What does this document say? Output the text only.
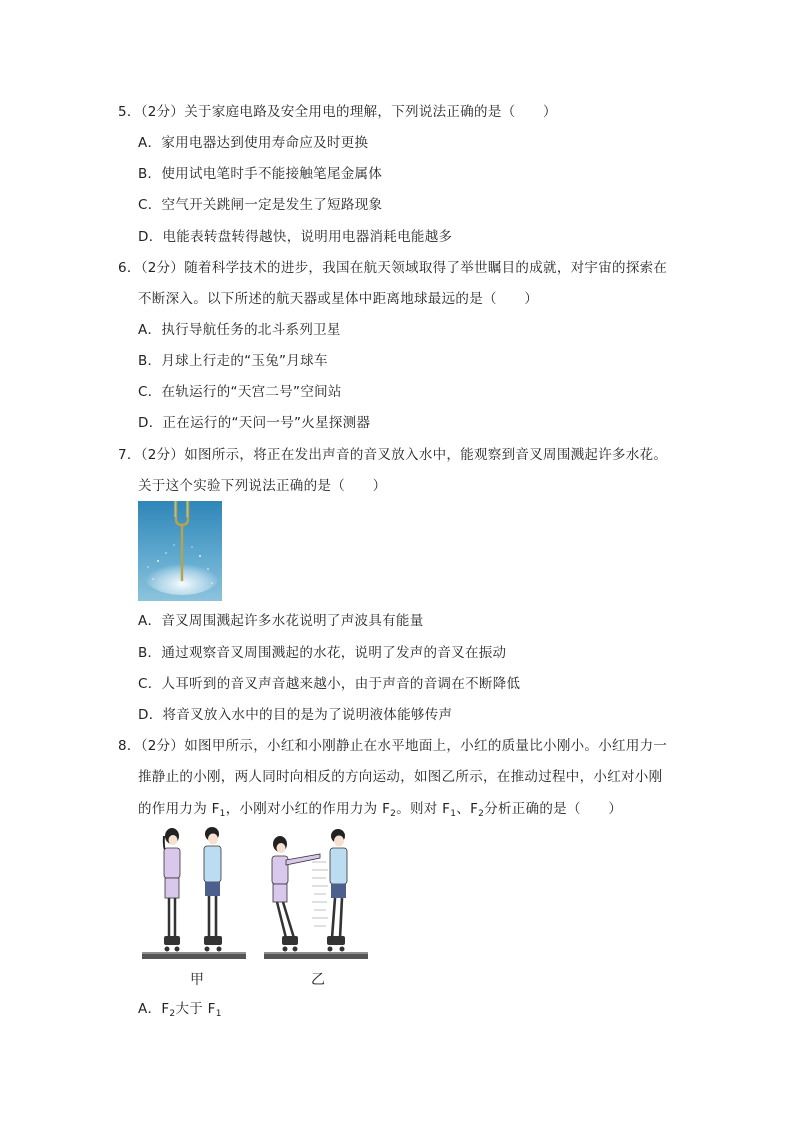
5．（2分）关于家庭电路及安全用电的理解，下列说法正确的是（　　）
A．家用电器达到使用寿命应及时更换
B．使用试电笔时手不能接触笔尾金属体
C．空气开关跳闸一定是发生了短路现象
D．电能表转盘转得越快，说明用电器消耗电能越多
6．（2分）随着科学技术的进步，我国在航天领域取得了举世瞩目的成就，对宇宙的探索在
不断深入。以下所述的航天器或星体中距离地球最远的是（　　）
A．执行导航任务的北斗系列卫星
B．月球上行走的“玉兔”月球车
C．在轨运行的“天宫二号”空间站
D．正在运行的“天问一号”火星探测器
7．（2分）如图所示，将正在发出声音的音叉放入水中，能观察到音叉周围溅起许多水花。
关于这个实验下列说法正确的是（　　）
A．音叉周围溅起许多水花说明了声波具有能量
B．通过观察音叉周围溅起的水花，说明了发声的音叉在振动
C．人耳听到的音叉声音越来越小，由于声音的音调在不断降低
D．将音叉放入水中的目的是为了说明液体能够传声
8．（2分）如图甲所示，小红和小刚静止在水平地面上，小红的质量比小刚小。小红用力一
推静止的小刚，两人同时向相反的方向运动，如图乙所示，在推动过程中，小红对小刚
的作用力为 $F_1$，小刚对小红的作用力为 $F_2$。则对 $F_1$、$F_2$分析正确的是（　　）
甲	乙
A．$F_2$大于 $F_1$
